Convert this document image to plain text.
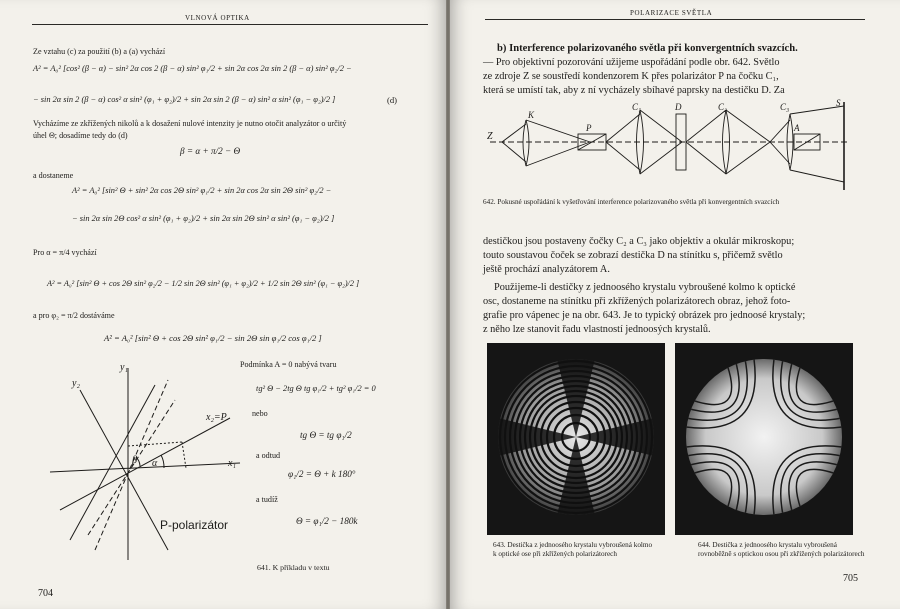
VLNOVÁ OPTIKA
Ze vztahu (c) za použití (b) a (a) vychází
A² = A₀² [cos² (β − α) − sin² 2α cos 2 (β − α) sin² φ₁/2 + sin 2α cos 2α sin 2 (β − α) sin² φ₂/2 −
− sin 2α sin 2 (β − α) cos² α sin² (φ₁ + φ₂)/2 + sin 2α sin 2 (β − α) sin² α sin² (φ₁ − φ₂)/2 ]	(d)
Vycházíme ze zkřížených nikolů a k dosažení nulové intenzity je nutno otočit analyzátor o určitý
úhel Θ; dosadíme tedy do (d)
β = α + π/2 − Θ
a dostaneme
A² = A₀² [sin² Θ + sin² 2α cos 2Θ sin² φ₁/2 + sin 2α cos 2α sin 2Θ sin² φ₂/2 −
− sin 2α sin 2Θ cos² α sin² (φ₁ + φ₂)/2 + sin 2α sin 2Θ sin² α sin² (φ₁ − φ₂)/2 ]
Pro α = π/4 vychází
A² = A₀² [sin² Θ + cos 2Θ sin² φ₂/2 − 1/2 sin 2Θ sin² (φ₁ + φ₂)/2 + 1/2 sin 2Θ sin² (φ₁ − φ₂)/2 ]
a pro φ₂ = π/2 dostáváme
A² = A₀² [sin² Θ + cos 2Θ sin² φ₁/2 − sin 2Θ sin φ₁/2 cos φ₁/2 ]
Podmínka A = 0 nabývá tvaru
tg² Θ − 2tg Θ tg φ₁/2 + tg² φ₁/2 = 0
nebo
tg Θ = tg φ₁/2
a odtud
φ₁/2 = Θ + k 180°
a tudíž
Θ = φ₁/2 − 180k
y₁
y₂
x₂=P
x₁
β α
P-polarizátor
641. K příkladu v textu
704
POLARIZACE SVĚTLA
b) Interference polarizovaného světla při konvergentních svazcích.
— Pro objektivní pozorování užijeme uspořádání podle obr. 642. Světlo
ze zdroje Z se soustředí kondenzorem K přes polarizátor P na čočku C₁,
která se umístí tak, aby z ní vycházely sbíhavé paprsky na destičku D. Za
Z
K
P
C₁	D	C₂	C₃
A
S
642. Pokusné uspořádání k vyšetřování interference polarizovaného světla při konvergentních svazcích
destičkou jsou postaveny čočky C₂ a C₃ jako objektiv a okulár mikroskopu;
touto soustavou čoček se zobrazí destička D na stínítku s, přičemž světlo
ještě prochází analyzátorem A.
Použijeme-li destičky z jednoosého krystalu vybroušené kolmo k optické
osc, dostaneme na stínítku při zkřížených polarizátorech obraz, jehož foto-
grafie pro vápenec je na obr. 643. Je to typický obrázek pro jednoosé krystaly;
z něho lze stanovit řadu vlastností jednoosých krystalů.
643. Destička z jednoosého krystalu vybroušená kolmo k optické ose při zkřížených polarizátorech
644. Destička z jednoosého krystalu vybroušená rovnoběžně s optickou osou při zkřížených polarizátorech
705
